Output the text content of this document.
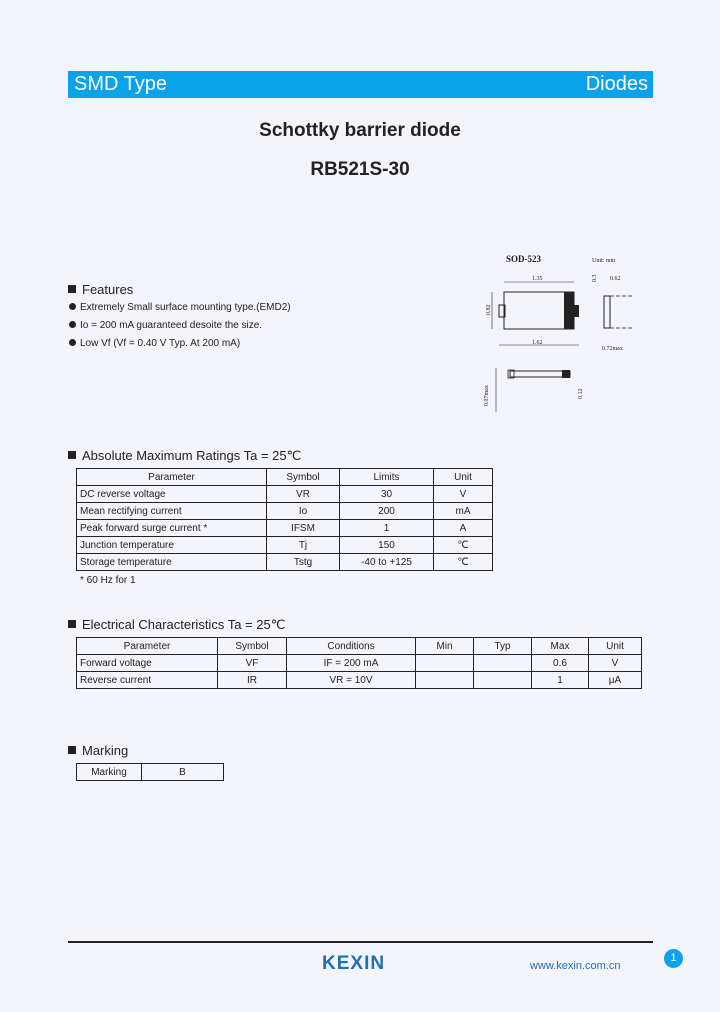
SMD Type	Diodes
Schottky barrier diode
RB521S-30
SOD-523	Unit: mm
1.35
0.82
1.62
0.3 0.62
0.72max
0.07max	0.12
Features
Extremely Small surface mounting type.(EMD2)
Io = 200 mA guaranteed desoite the size.
Low Vf (Vf = 0.40 V Typ. At 200 mA)
Absolute Maximum Ratings Ta = 25℃
Parameter	Symbol	Limits	Unit
DC reverse voltage	VR	30	V
Mean rectifying current	Io	200	mA
Peak forward surge current *	IFSM	1	A
Junction temperature	Tj	150	℃
Storage temperature	Tstg	-40 to +125	℃
* 60 Hz for 1
Electrical Characteristics Ta = 25℃
Parameter	Symbol	Conditions	Min	Typ	Max	Unit
Forward voltage	VF	IF = 200 mA			0.6	V
Reverse current	IR	VR = 10V			1	μA
Marking
Marking	B
KEXIN	www.kexin.com.cn
1
